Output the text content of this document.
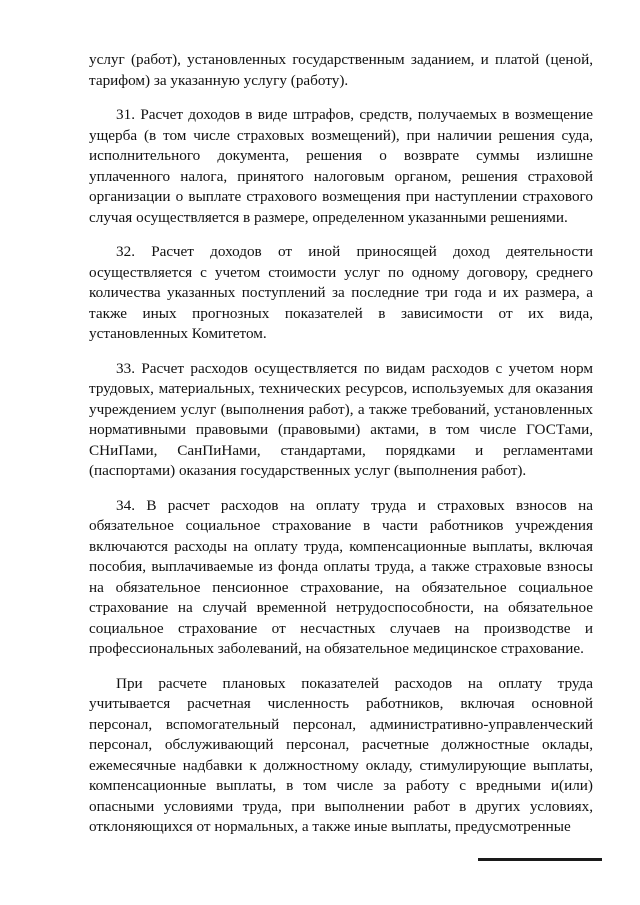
услуг (работ), установленных государственным заданием, и платой (ценой, тарифом) за указанную услугу (работу).

31. Расчет доходов в виде штрафов, средств, получаемых в возмещение ущерба (в том числе страховых возмещений), при наличии решения суда, исполнительного документа, решения о возврате суммы излишне уплаченного налога, принятого налоговым органом, решения страховой организации о выплате страхового возмещения при наступлении страхового случая осуществляется в размере, определенном указанными решениями.

32. Расчет доходов от иной приносящей доход деятельности осуществляется с учетом стоимости услуг по одному договору, среднего количества указанных поступлений за последние три года и их размера, а также иных прогнозных показателей в зависимости от их вида, установленных Комитетом.

33. Расчет расходов осуществляется по видам расходов с учетом норм трудовых, материальных, технических ресурсов, используемых для оказания учреждением услуг (выполнения работ), а также требований, установленных нормативными правовыми (правовыми) актами, в том числе ГОСТами, СНиПами, СанПиНами, стандартами, порядками и регламентами (паспортами) оказания государственных услуг (выполнения работ).

34. В расчет расходов на оплату труда и страховых взносов на обязательное социальное страхование в части работников учреждения включаются расходы на оплату труда, компенсационные выплаты, включая пособия, выплачиваемые из фонда оплаты труда, а также страховые взносы на обязательное пенсионное страхование, на обязательное социальное страхование на случай временной нетрудоспособности, на обязательное социальное страхование от несчастных случаев на производстве и профессиональных заболеваний, на обязательное медицинское страхование.

При расчете плановых показателей расходов на оплату труда учитывается расчетная численность работников, включая основной персонал, вспомогательный персонал, административно-управленческий персонал, обслуживающий персонал, расчетные должностные оклады, ежемесячные надбавки к должностному окладу, стимулирующие выплаты, компенсационные выплаты, в том числе за работу с вредными и(или) опасными условиями труда, при выполнении работ в других условиях, отклоняющихся от нормальных, а также иные выплаты, предусмотренные
